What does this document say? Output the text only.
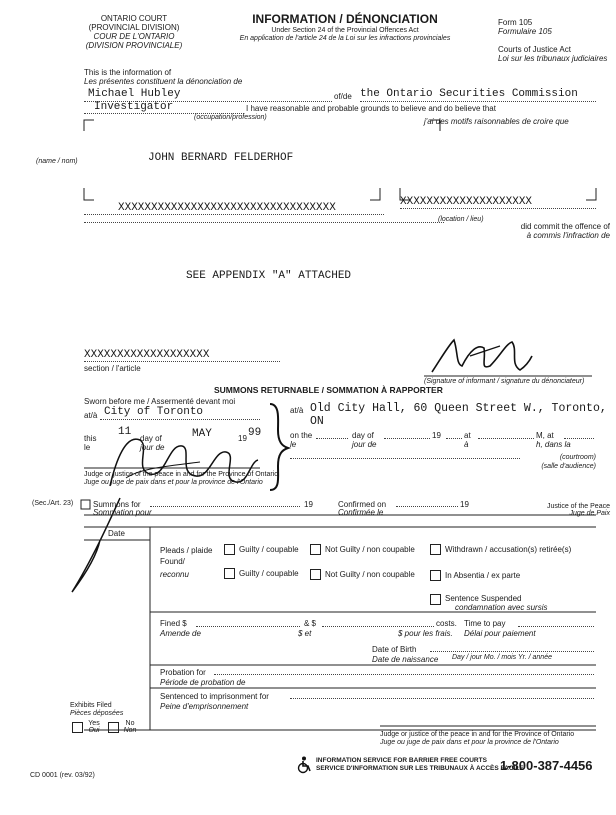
ONTARIO COURT
(PROVINCIAL DIVISION)
COUR DE L'ONTARIO
(DIVISION PROVINCIALE)
INFORMATION / DÉNONCIATION
Under Section 24 of the Provincial Offences Act
En application de l'article 24 de la Loi sur les infractions provinciales
Form 105
Formulaire 105
Courts of Justice Act
Loi sur les tribunaux judiciaires
This is the information of
Les présentes constituent la dénonciation de
Michael Hubley	of/de the Ontario Securities Commission
Investigator	I have reasonable and probable grounds to believe and do believe that
(occupation/profession)	j'ai des motifs raisonnables de croire que
(name / nom)	JOHN BERNARD FELDERHOF
XXXXXXXXXXXXXXXXXXXXXXXXXXXXXXXXX	XXXXXXXXXXXXXXXXXXXX
(location / lieu)
did commit the offence of
à commis l'infraction de
SEE APPENDIX "A" ATTACHED
XXXXXXXXXXXXXXXXXXX
section / l'article
(Signature of informant / signature du dénonciateur)
SUMMONS RETURNABLE / SOMMATION À RAPPORTER
Sworn before me / Assermenté devant moi
at/à City of Toronto	at/à Old City Hall, 60 Queen Street W., Toronto, ON
this
le
11
day of
jour de
MAY	19 99
Judge or justice of the peace in and for the Province of Ontario
Juge ou juge de paix dans et pour la province de l'Ontario
on the
le
day of
jour de
19	at
à
M, at
h, dans la
(courtroom)
(salle d'audience)
(Sec./Art. 23) Summons for
Sommation pour
19	Confirmed on
Confirmée le
19	Justice of the Peace
Juge de Paix
Date
Pleads / plaide
Found/
reconnu
Guilty / coupable	Not Guilty / non coupable	Withdrawn / accusation(s) retirée(s)
Guilty / coupable	Not Guilty / non coupable	In Absentia / ex parte
Sentence Suspended
condamnation avec sursis
Fined $
Amende de
& $
$ et
costs.
$ pour les frais.
Time to pay
Délai pour paiement
Date of Birth
Date de naissance Day / jour Mo. / mois Yr. / année
Probation for
Période de probation de
Sentenced to imprisonment for
Peine d'emprisonnement
Exhibits Filed
Pièces déposées
Yes
Oui
No
Non
Judge or justice of the peace in and for the Province of Ontario
Juge ou juge de paix dans et pour la province de l'Ontario
CD 0001 (rev. 03/92)
INFORMATION SERVICE FOR BARRIER FREE COURTS
SERVICE D'INFORMATION SUR LES TRIBUNAUX À ACCÈS FACILE
1-800-387-4456
